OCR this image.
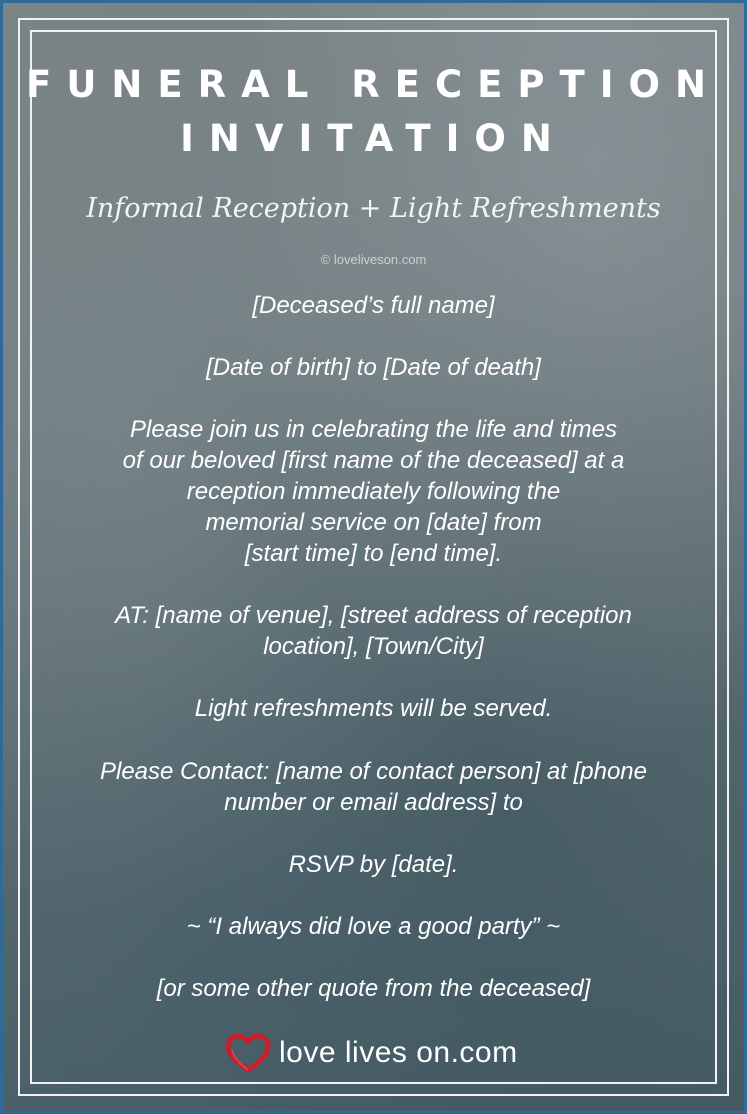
FUNERAL RECEPTION
INVITATION
Informal Reception + Light Refreshments
© loveliveson.com
[Deceased’s full name]
[Date of birth] to [Date of death]
Please join us in celebrating the life and times
of our beloved [first name of the deceased] at a
reception immediately following the
memorial service on [date] from
[start time] to [end time].
AT: [name of venue], [street address of reception
location], [Town/City]
Light refreshments will be served.
Please Contact: [name of contact person] at [phone
number or email address] to
RSVP by [date].
~ “I always did love a good party” ~
[or some other quote from the deceased]
love lives on.com
